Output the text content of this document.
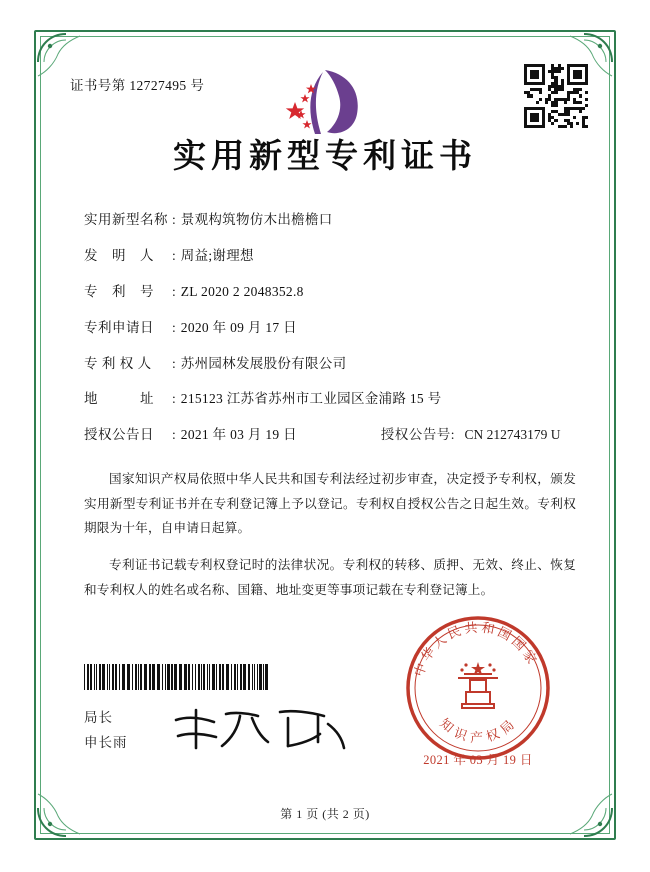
证书号第 12727495 号
实用新型专利证书
实用新型名称 : 景观构筑物仿木出檐檐口
发　明　人	: 周益;谢理想
专　利　号	: ZL 2020 2 2048352.8
专利申请日	: 2020 年 09 月 17 日
专 利 权 人	: 苏州园林发展股份有限公司
地　　　址	: 215123 江苏省苏州市工业园区金浦路 15 号
授权公告日	: 2021 年 03 月 19 日	授权公告号 : CN 212743179 U

国家知识产权局依照中华人民共和国专利法经过初步审查，决定授予专利权，颁发实用新型专利证书并在专利登记簿上予以登记。专利权自授权公告之日起生效。专利权期限为十年，自申请日起算。

专利证书记载专利权登记时的法律状况。专利权的转移、质押、无效、终止、恢复和专利权人的姓名或名称、国籍、地址变更等事项记载在专利登记簿上。

局长
申长雨
中华人民共和国国家
知识产权局
2021 年 03 月 19 日
第 1 页 (共 2 页)
